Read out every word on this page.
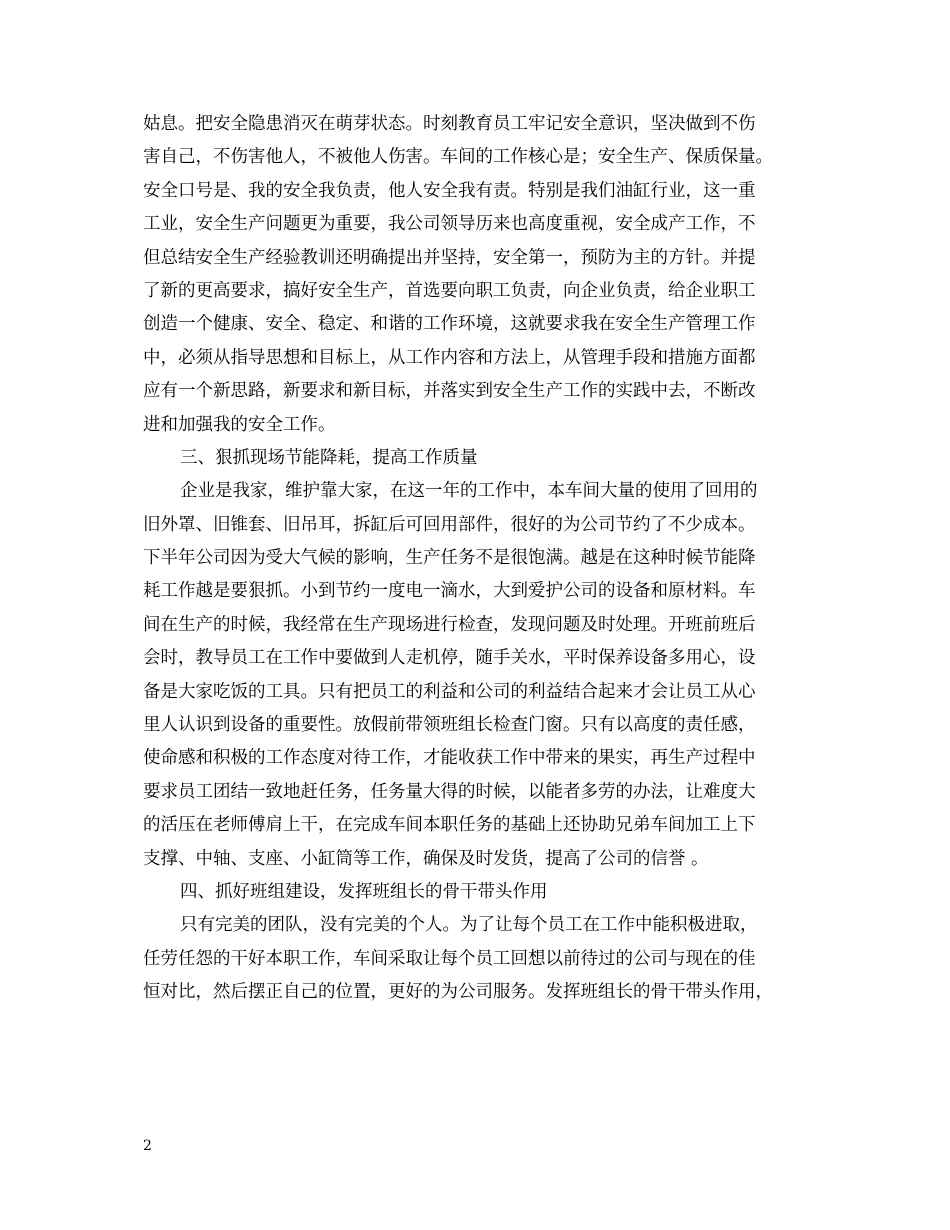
姑息。把安全隐患消灭在萌芽状态。时刻教育员工牢记安全意识，坚决做到不伤
害自己，不伤害他人，不被他人伤害。车间的工作核心是；安全生产、保质保量。
安全口号是、我的安全我负责，他人安全我有责。特别是我们油缸行业，这一重
工业，安全生产问题更为重要，我公司领导历来也高度重视，安全成产工作，不
但总结安全生产经验教训还明确提出并坚持，安全第一，预防为主的方针。并提
了新的更高要求，搞好安全生产，首选要向职工负责，向企业负责，给企业职工
创造一个健康、安全、稳定、和谐的工作环境，这就要求我在安全生产管理工作
中，必须从指导思想和目标上，从工作内容和方法上，从管理手段和措施方面都
应有一个新思路，新要求和新目标，并落实到安全生产工作的实践中去，不断改
进和加强我的安全工作。
三、狠抓现场节能降耗，提高工作质量
企业是我家，维护靠大家，在这一年的工作中，本车间大量的使用了回用的
旧外罩、旧锥套、旧吊耳，拆缸后可回用部件，很好的为公司节约了不少成本。
下半年公司因为受大气候的影响，生产任务不是很饱满。越是在这种时候节能降
耗工作越是要狠抓。小到节约一度电一滴水，大到爱护公司的设备和原材料。车
间在生产的时候，我经常在生产现场进行检查，发现问题及时处理。开班前班后
会时，教导员工在工作中要做到人走机停，随手关水，平时保养设备多用心，设
备是大家吃饭的工具。只有把员工的利益和公司的利益结合起来才会让员工从心
里人认识到设备的重要性。放假前带领班组长检查门窗。只有以高度的责任感，
使命感和积极的工作态度对待工作，才能收获工作中带来的果实，再生产过程中
要求员工团结一致地赶任务，任务量大得的时候，以能者多劳的办法，让难度大
的活压在老师傅肩上干，在完成车间本职任务的基础上还协助兄弟车间加工上下
支撑、中轴、支座、小缸筒等工作，确保及时发货，提高了公司的信誉 。
四、抓好班组建设，发挥班组长的骨干带头作用
只有完美的团队，没有完美的个人。为了让每个员工在工作中能积极进取，
任劳任怨的干好本职工作，车间采取让每个员工回想以前待过的公司与现在的佳
恒对比，然后摆正自己的位置，更好的为公司服务。发挥班组长的骨干带头作用，
2
